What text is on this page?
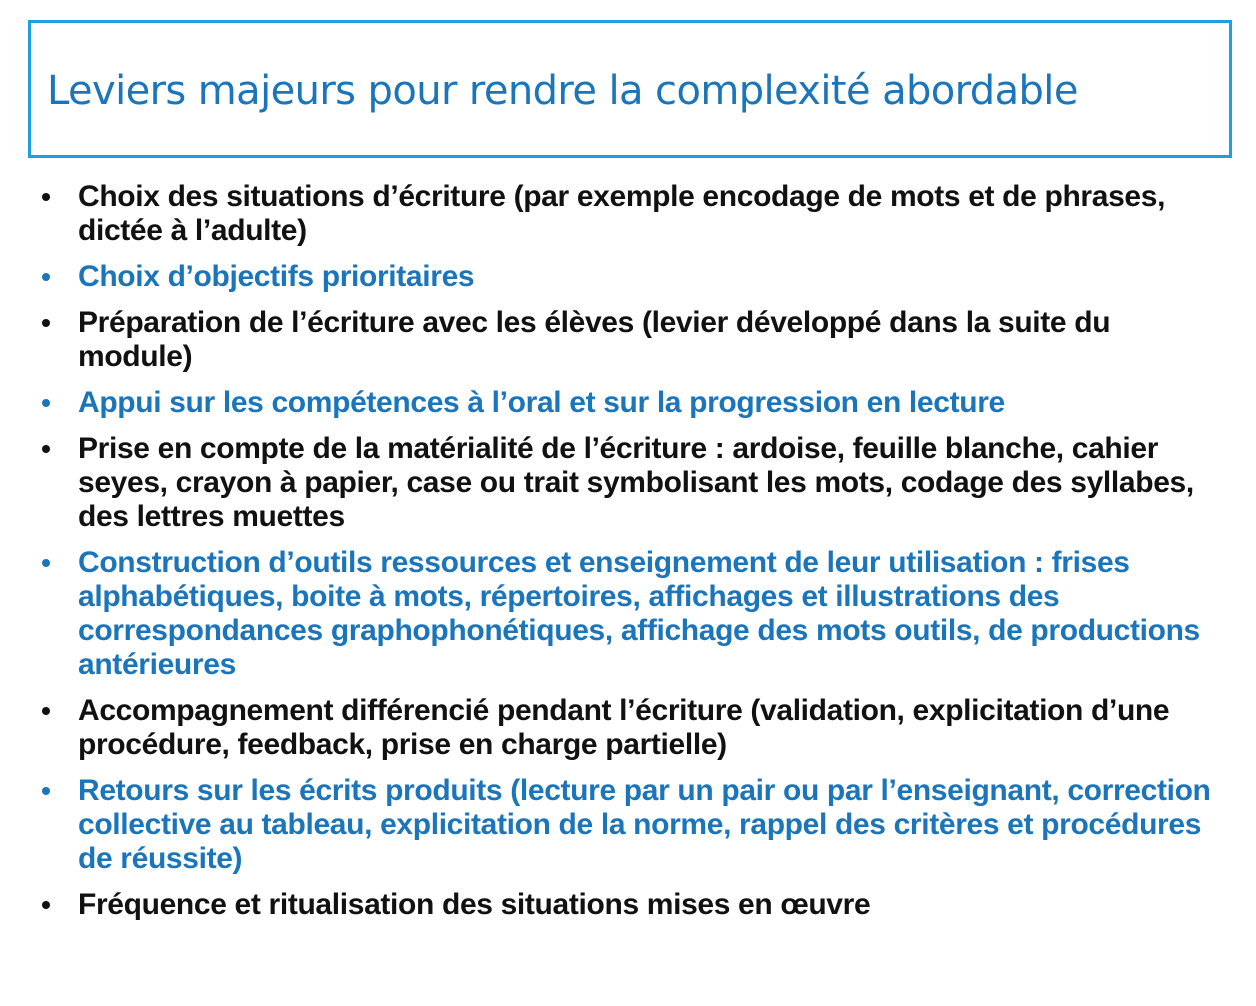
Leviers majeurs pour rendre la complexité abordable
Choix des situations d’écriture (par exemple encodage de mots et de phrases, dictée à l’adulte)
Choix d’objectifs prioritaires
Préparation de l’écriture avec les élèves (levier développé dans la suite du module)
Appui sur les compétences à l’oral et sur la progression en lecture
Prise en compte de la matérialité de l’écriture : ardoise, feuille blanche, cahier seyes, crayon à papier, case ou trait symbolisant les mots, codage des syllabes, des lettres muettes
Construction d’outils ressources et enseignement de leur utilisation : frises alphabétiques, boite à mots, répertoires, affichages et illustrations des correspondances graphophonétiques, affichage des mots outils, de productions antérieures
Accompagnement différencié pendant l’écriture (validation, explicitation d’une procédure, feedback, prise en charge partielle)
Retours sur les écrits produits (lecture par un pair ou par l’enseignant, correction collective au tableau, explicitation de la norme, rappel des critères et procédures de réussite)
Fréquence et ritualisation des situations mises en œuvre
